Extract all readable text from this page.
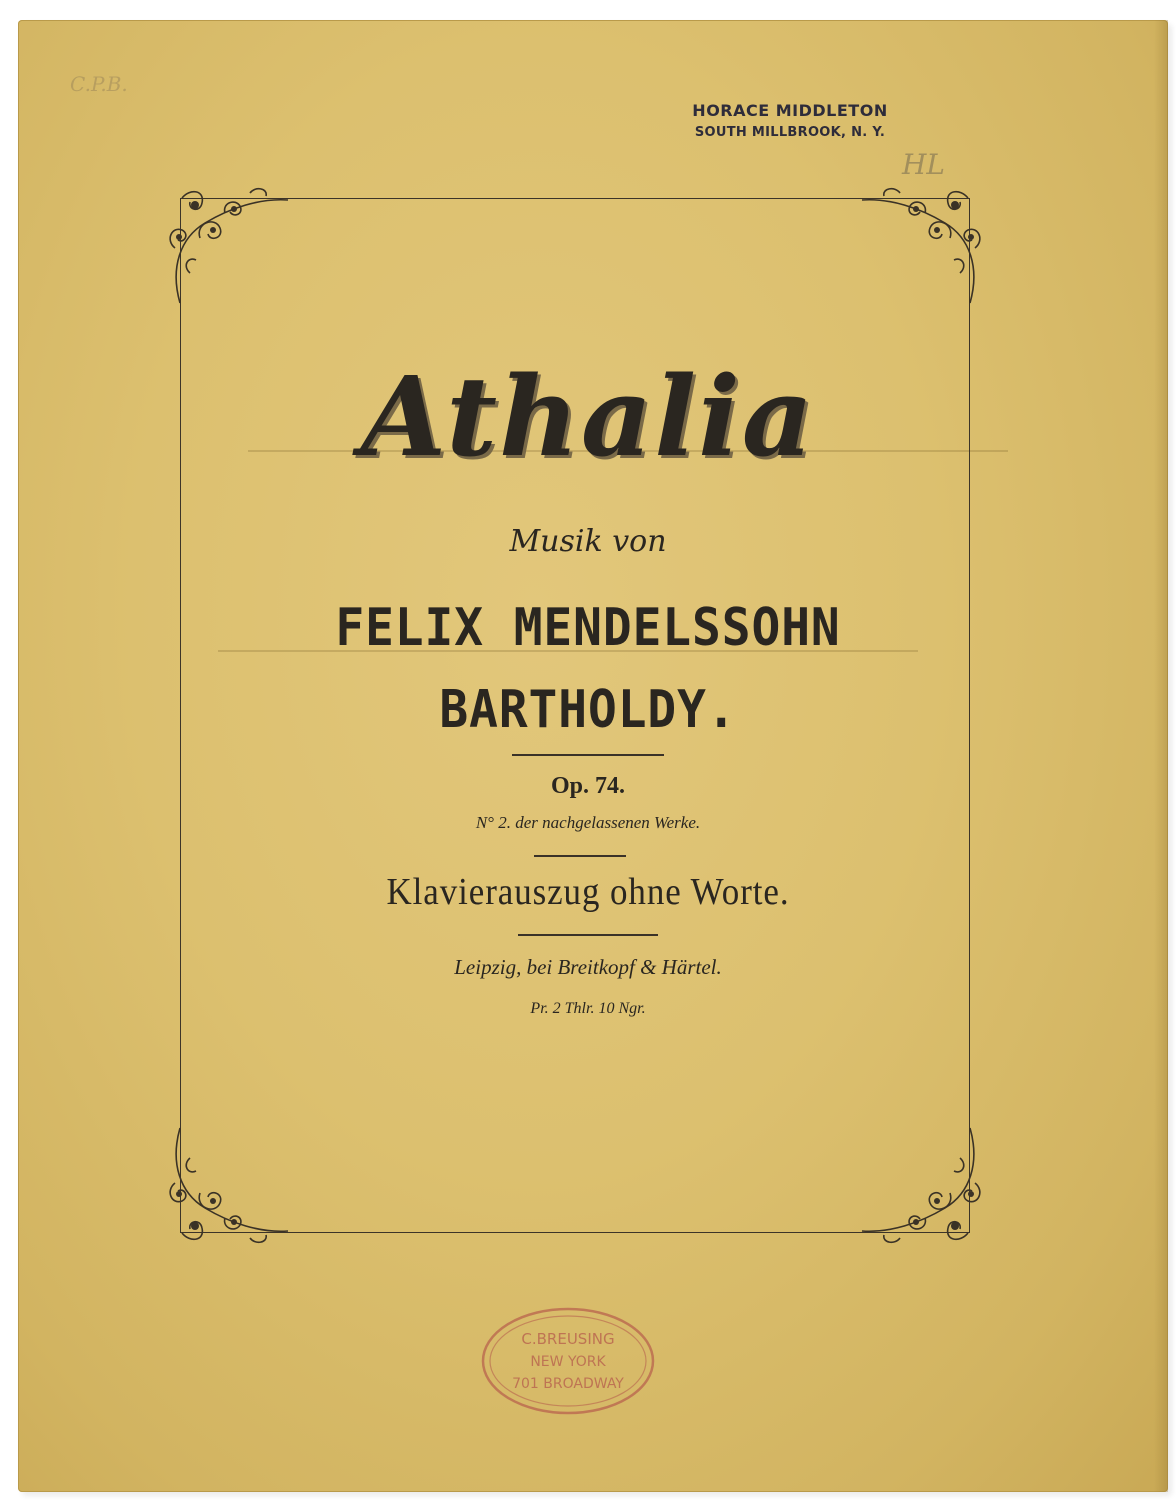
C.P.B.
HL
HORACE MIDDLETON
SOUTH MILLBROOK, N. Y.
Athalia
Musik von
FELIX MENDELSSOHN
BARTHOLDY.
Op. 74.
N° 2. der nachgelassenen Werke.
Klavierauszug ohne Worte.
Leipzig, bei Breitkopf & Härtel.
Pr. 2 Thlr. 10 Ngr.
C.BREUSING
NEW YORK
701 BROADWAY
